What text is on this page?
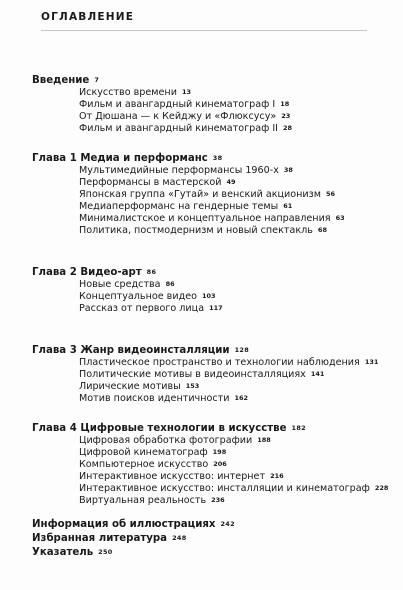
ОГЛАВЛЕНИЕ
Введение 7
Искусство времени 13
Фильм и авангардный кинематограф I 18
От Дюшана — к Кейджу и «Флюксусу» 23
Фильм и авангардный кинематограф II 28
Глава 1 Медиа и перформанс 38
Мультимедийные перформансы 1960-х 38
Перформансы в мастерской 49
Японская группа «Гутай» и венский акционизм 56
Медиаперформанс на гендерные темы 61
Минималистское и концептуальное направления 63
Политика, постмодернизм и новый спектакль 68
Глава 2 Видео-арт 86
Новые средства 86
Концептуальное видео 103
Рассказ от первого лица 117
Глава 3 Жанр видеоинсталляции 128
Пластическое пространство и технологии наблюдения 131
Политические мотивы в видеоинсталляциях 141
Лирические мотивы 153
Мотив поисков идентичности 162
Глава 4 Цифровые технологии в искусстве 182
Цифровая обработка фотографии 188
Цифровой кинематограф 198
Компьютерное искусство 206
Интерактивное искусство: интернет 216
Интерактивное искусство: инсталляции и кинематограф 228
Виртуальная реальность 236
Информация об иллюстрациях 242
Избранная литература 248
Указатель 250
